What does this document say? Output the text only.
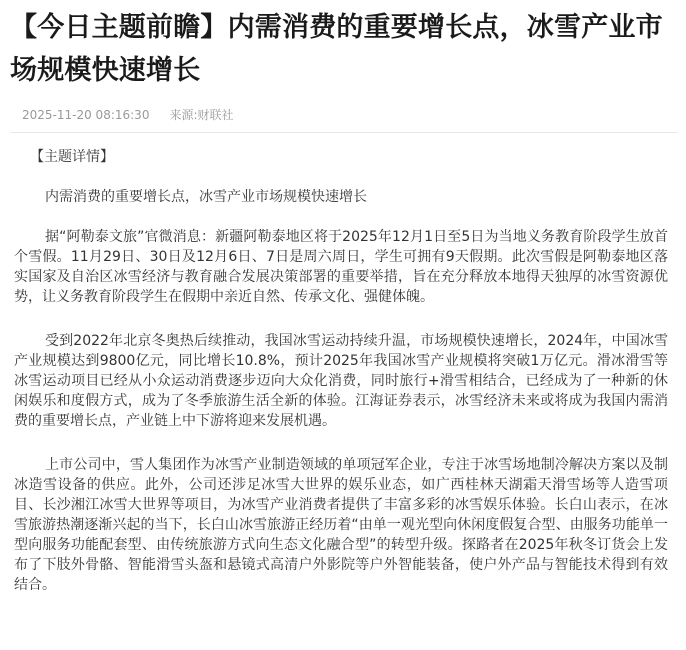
【今日主题前瞻】内需消费的重要增长点，冰雪产业市场规模快速增长
2025-11-20 08:16:30 来源:财联社

【主题详情】

内需消费的重要增长点，冰雪产业市场规模快速增长

据“阿勒泰文旅”官微消息：新疆阿勒泰地区将于2025年12月1日至5日为当地义务教育阶段学生放首个雪假。11月29日、30日及12月6日、7日是周六周日，学生可拥有9天假期。此次雪假是阿勒泰地区落实国家及自治区冰雪经济与教育融合发展决策部署的重要举措，旨在充分释放本地得天独厚的冰雪资源优势，让义务教育阶段学生在假期中亲近自然、传承文化、强健体魄。

受到2022年北京冬奥热后续推动，我国冰雪运动持续升温，市场规模快速增长，2024年，中国冰雪产业规模达到9800亿元，同比增长10.8%，预计2025年我国冰雪产业规模将突破1万亿元。滑冰滑雪等冰雪运动项目已经从小众运动消费逐步迈向大众化消费，同时旅行+滑雪相结合，已经成为了一种新的休闲娱乐和度假方式，成为了冬季旅游生活全新的体验。江海证券表示，冰雪经济未来或将成为我国内需消费的重要增长点，产业链上中下游将迎来发展机遇。

上市公司中，雪人集团作为冰雪产业制造领域的单项冠军企业，专注于冰雪场地制冷解决方案以及制冰造雪设备的供应。此外，公司还涉足冰雪大世界的娱乐业态，如广西桂林天湖霜天滑雪场等人造雪项目、长沙湘江冰雪大世界等项目，为冰雪产业消费者提供了丰富多彩的冰雪娱乐体验。长白山表示，在冰雪旅游热潮逐渐兴起的当下，长白山冰雪旅游正经历着“由单一观光型向休闲度假复合型、由服务功能单一型向服务功能配套型、由传统旅游方式向生态文化融合型”的转型升级。探路者在2025年秋冬订货会上发布了下肢外骨骼、智能滑雪头盔和悬镜式高清户外影院等户外智能装备，使户外产品与智能技术得到有效结合。
